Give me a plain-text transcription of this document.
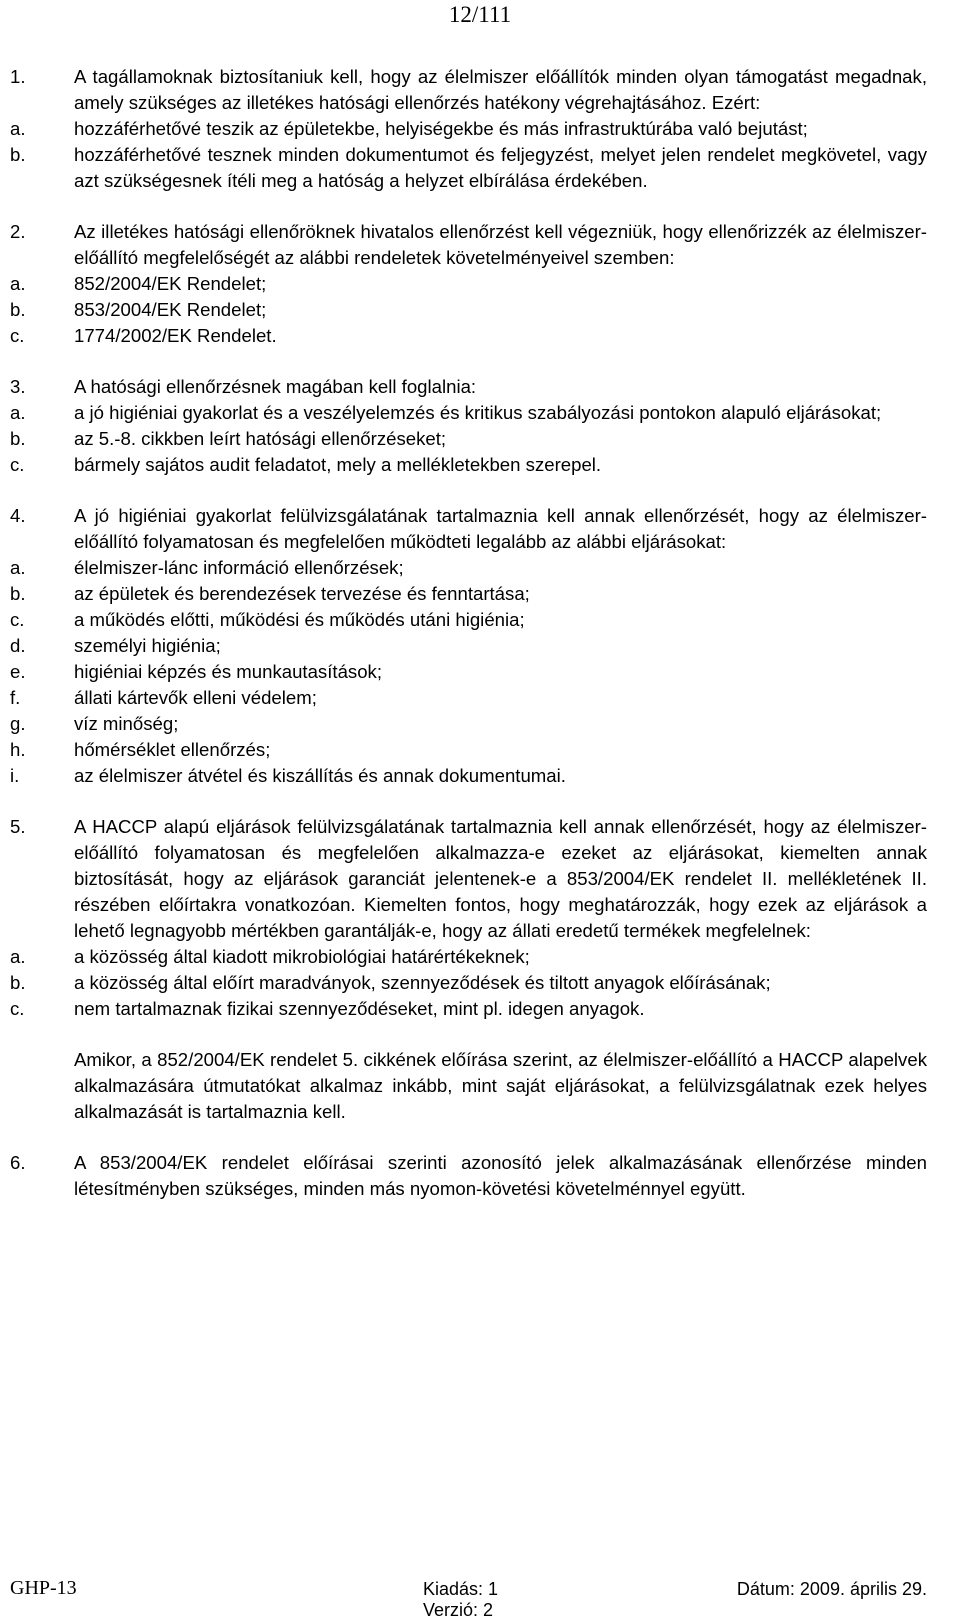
12/111
1.	A tagállamoknak biztosítaniuk kell, hogy az élelmiszer előállítók minden olyan támogatást megadnak, amely szükséges az illetékes hatósági ellenőrzés hatékony végrehajtásához. Ezért:
a.	hozzáférhetővé teszik az épületekbe, helyiségekbe és más infrastruktúrába való bejutást;
b.	hozzáférhetővé tesznek minden dokumentumot és feljegyzést, melyet jelen rendelet megkövetel, vagy azt szükségesnek ítéli meg a hatóság a helyzet elbírálása érdekében.
2.	Az illetékes hatósági ellenőröknek hivatalos ellenőrzést kell végezniük, hogy ellenőrizzék az élelmiszer-előállító megfelelőségét az alábbi rendeletek követelményeivel szemben:
a.	852/2004/EK Rendelet;
b.	853/2004/EK Rendelet;
c.	1774/2002/EK Rendelet.
3.	A hatósági ellenőrzésnek magában kell foglalnia:
a.	a jó higiéniai gyakorlat és a veszélyelemzés és kritikus szabályozási pontokon alapuló eljárásokat;
b.	az 5.-8. cikkben leírt hatósági ellenőrzéseket;
c.	bármely sajátos audit feladatot, mely a mellékletekben szerepel.
4.	A jó higiéniai gyakorlat felülvizsgálatának tartalmaznia kell annak ellenőrzését, hogy az élelmiszer-előállító folyamatosan és megfelelően működteti legalább az alábbi eljárásokat:
a.	élelmiszer-lánc információ ellenőrzések;
b.	az épületek és berendezések tervezése és fenntartása;
c.	a működés előtti, működési és működés utáni higiénia;
d.	személyi higiénia;
e.	higiéniai képzés és munkautasítások;
f.	állati kártevők elleni védelem;
g.	víz minőség;
h.	hőmérséklet ellenőrzés;
i.	az élelmiszer átvétel és kiszállítás és annak dokumentumai.
5.	A HACCP alapú eljárások felülvizsgálatának tartalmaznia kell annak ellenőrzését, hogy az élelmiszer-előállító folyamatosan és megfelelően alkalmazza-e ezeket az eljárásokat, kiemelten annak biztosítását, hogy az eljárások garanciát jelentenek-e a 853/2004/EK rendelet II. mellékletének II. részében előírtakra vonatkozóan. Kiemelten fontos, hogy meghatározzák, hogy ezek az eljárások a lehető legnagyobb mértékben garantálják-e, hogy az állati eredetű termékek megfelelnek:
a.	a közösség által kiadott mikrobiológiai határértékeknek;
b.	a közösség által előírt maradványok, szennyeződések és tiltott anyagok előírásának;
c.	nem tartalmaznak fizikai szennyeződéseket, mint pl. idegen anyagok.
Amikor, a 852/2004/EK rendelet 5. cikkének előírása szerint, az élelmiszer-előállító a HACCP alapelvek alkalmazására útmutatókat alkalmaz inkább, mint saját eljárásokat, a felülvizsgálatnak ezek helyes alkalmazását is tartalmaznia kell.
6.	A 853/2004/EK rendelet előírásai szerinti azonosító jelek alkalmazásának ellenőrzése minden létesítményben szükséges, minden más nyomon-követési követelménnyel együtt.
GHP-13	Kiadás: 1	Dátum: 2009. április 29.
Verzió: 2
